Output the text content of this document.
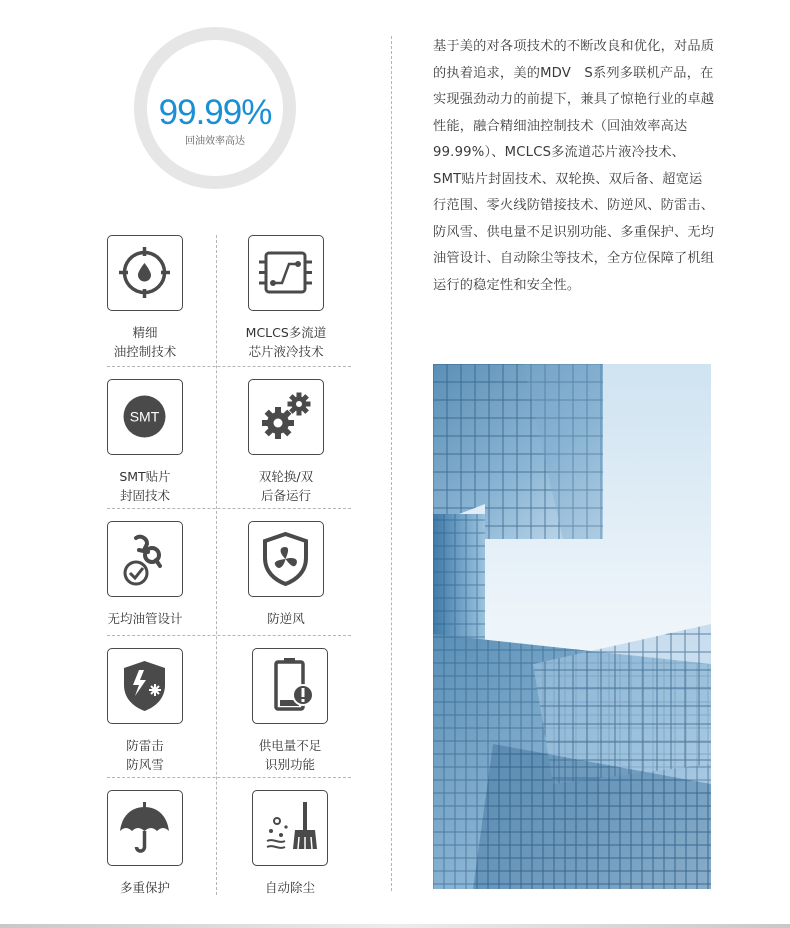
99.99%
回油效率高达
精细
油控制技术
MCLCS多流道
芯片液冷技术
SMT
SMT贴片
封固技术
双轮换/双
后备运行
无均油管设计	防逆风
防雷击
防风雪
供电量不足
识别功能
多重保护	自动除尘
基于美的对各项技术的不断改良和优化，对品质
的执着追求，美的MDV　S系列多联机产品，在
实现强劲动力的前提下，兼具了惊艳行业的卓越
性能，融合精细油控制技术（回油效率高达
99.99%）、MCLCS多流道芯片液冷技术、
SMT贴片封固技术、双轮换、双后备、超宽运
行范围、零火线防错接技术、防逆风、防雷击、
防风雪、供电量不足识别功能、多重保护、无均
油管设计、自动除尘等技术，全方位保障了机组
运行的稳定性和安全性。
